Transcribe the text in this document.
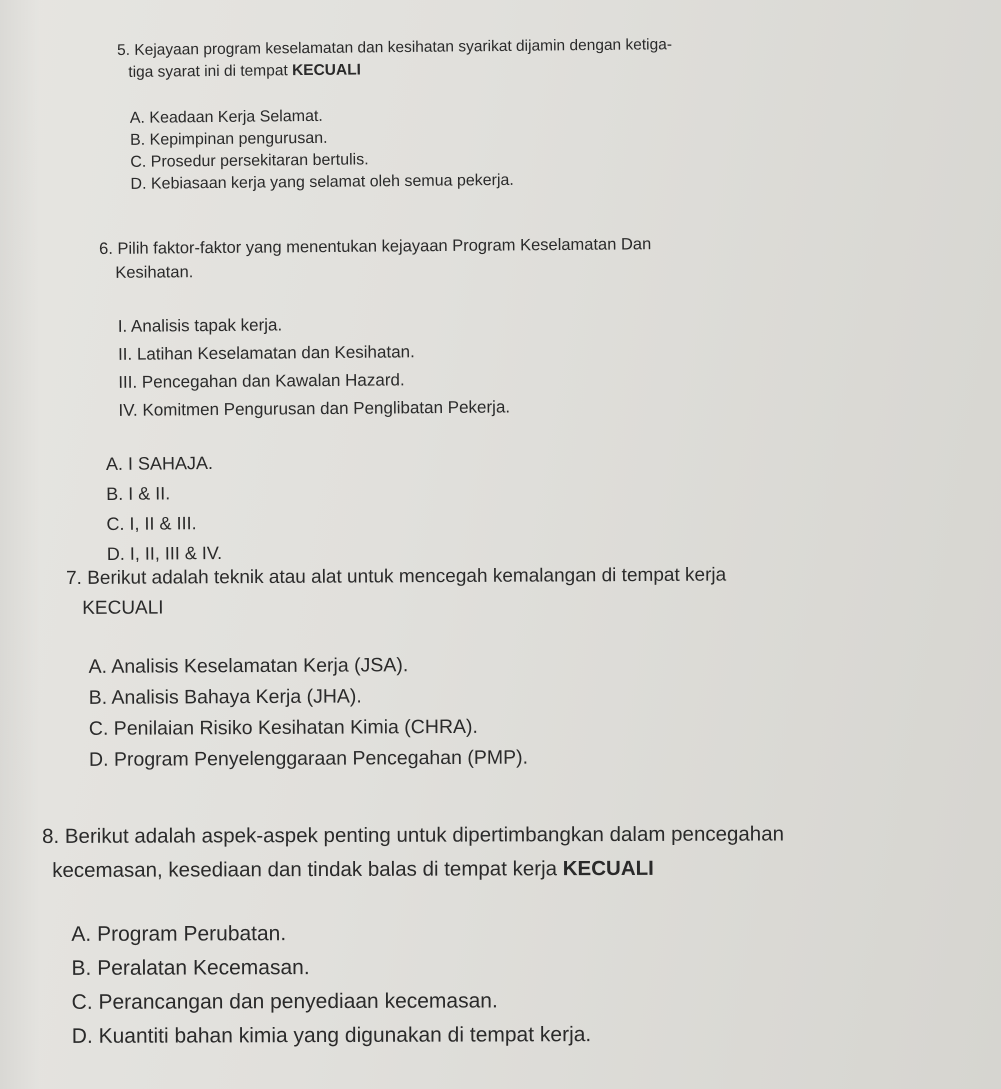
5. Kejayaan program keselamatan dan kesihatan syarikat dijamin dengan ketiga-
tiga syarat ini di tempat KECUALI

A. Keadaan Kerja Selamat.
B. Kepimpinan pengurusan.
C. Prosedur persekitaran bertulis.
D. Kebiasaan kerja yang selamat oleh semua pekerja.

6. Pilih faktor-faktor yang menentukan kejayaan Program Keselamatan Dan
Kesihatan.

I. Analisis tapak kerja.
II. Latihan Keselamatan dan Kesihatan.
III. Pencegahan dan Kawalan Hazard.
IV. Komitmen Pengurusan dan Penglibatan Pekerja.
A. I SAHAJA.
B. I & II.
C. I, II & III.
D. I, II, III & IV.

7. Berikut adalah teknik atau alat untuk mencegah kemalangan di tempat kerja
KECUALI

A. Analisis Keselamatan Kerja (JSA).
B. Analisis Bahaya Kerja (JHA).
C. Penilaian Risiko Kesihatan Kimia (CHRA).
D. Program Penyelenggaraan Pencegahan (PMP).

8. Berikut adalah aspek-aspek penting untuk dipertimbangkan dalam pencegahan
kecemasan, kesediaan dan tindak balas di tempat kerja KECUALI

A. Program Perubatan.
B. Peralatan Kecemasan.
C. Perancangan dan penyediaan kecemasan.
D. Kuantiti bahan kimia yang digunakan di tempat kerja.
